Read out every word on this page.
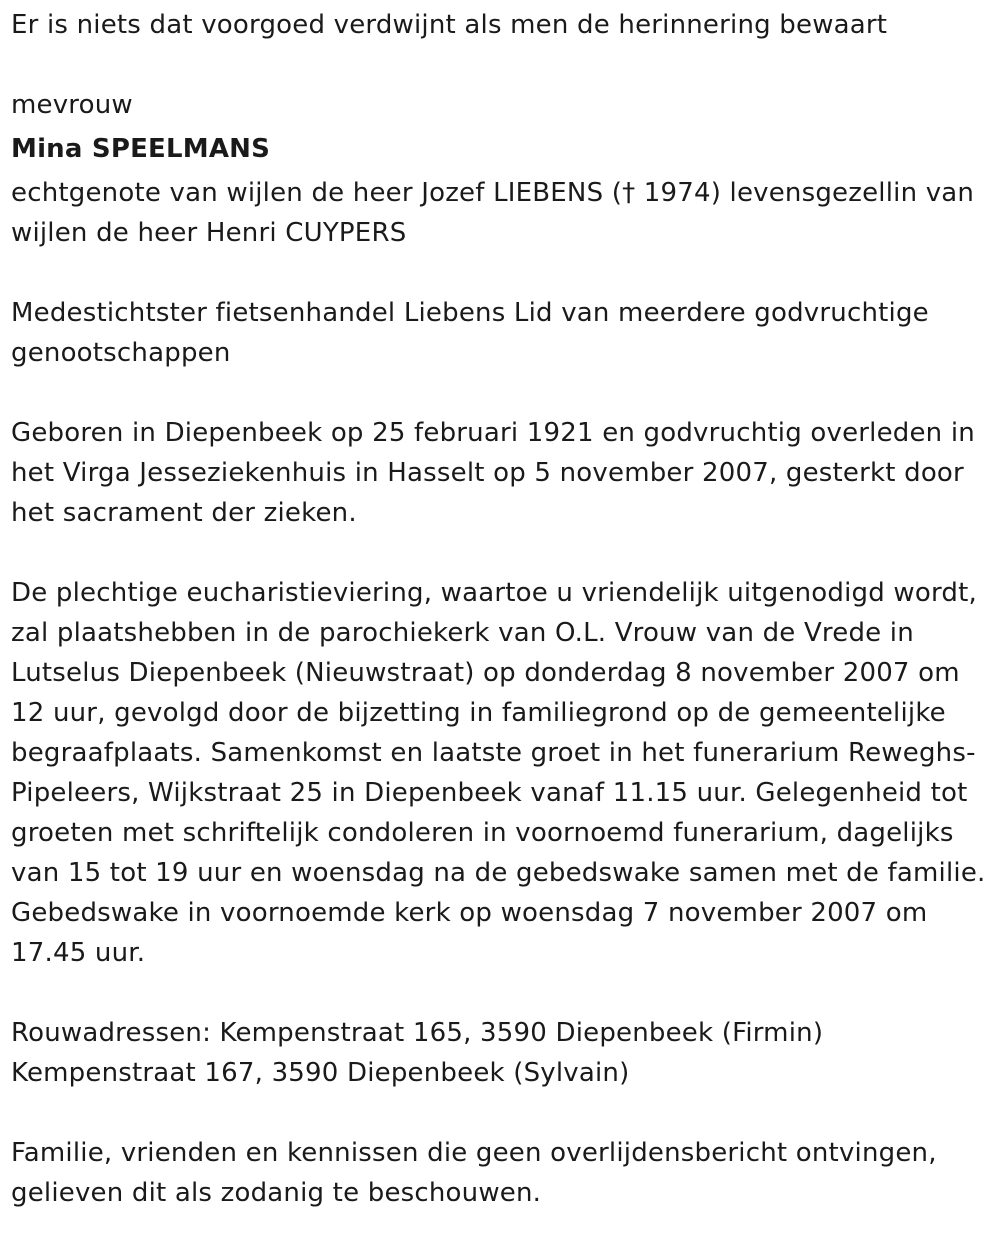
Er is niets dat voorgoed verdwijnt als men de herinnering bewaart

mevrouw

Mina SPEELMANS

echtgenote van wijlen de heer Jozef LIEBENS († 1974) levensgezellin van wijlen de heer Henri CUYPERS

Medestichtster fietsenhandel Liebens Lid van meerdere godvruchtige genootschappen

Geboren in Diepenbeek op 25 februari 1921 en godvruchtig overleden in het Virga Jesseziekenhuis in Hasselt op 5 november 2007, gesterkt door het sacrament der zieken.

De plechtige eucharistieviering, waartoe u vriendelijk uitgenodigd wordt, zal plaatshebben in de parochiekerk van O.L. Vrouw van de Vrede in Lutselus Diepenbeek (Nieuwstraat) op donderdag 8 november 2007 om 12 uur, gevolgd door de bijzetting in familiegrond op de gemeentelijke begraafplaats. Samenkomst en laatste groet in het funerarium Reweghs-Pipeleers, Wijkstraat 25 in Diepenbeek vanaf 11.15 uur. Gelegenheid tot groeten met schriftelijk condoleren in voornoemd funerarium, dagelijks van 15 tot 19 uur en woensdag na de gebedswake samen met de familie. Gebedswake in voornoemde kerk op woensdag 7 november 2007 om 17.45 uur.

Rouwadressen: Kempenstraat 165, 3590 Diepenbeek (Firmin)

Kempenstraat 167, 3590 Diepenbeek (Sylvain)

Familie, vrienden en kennissen die geen overlijdensbericht ontvingen, gelieven dit als zodanig te beschouwen.
